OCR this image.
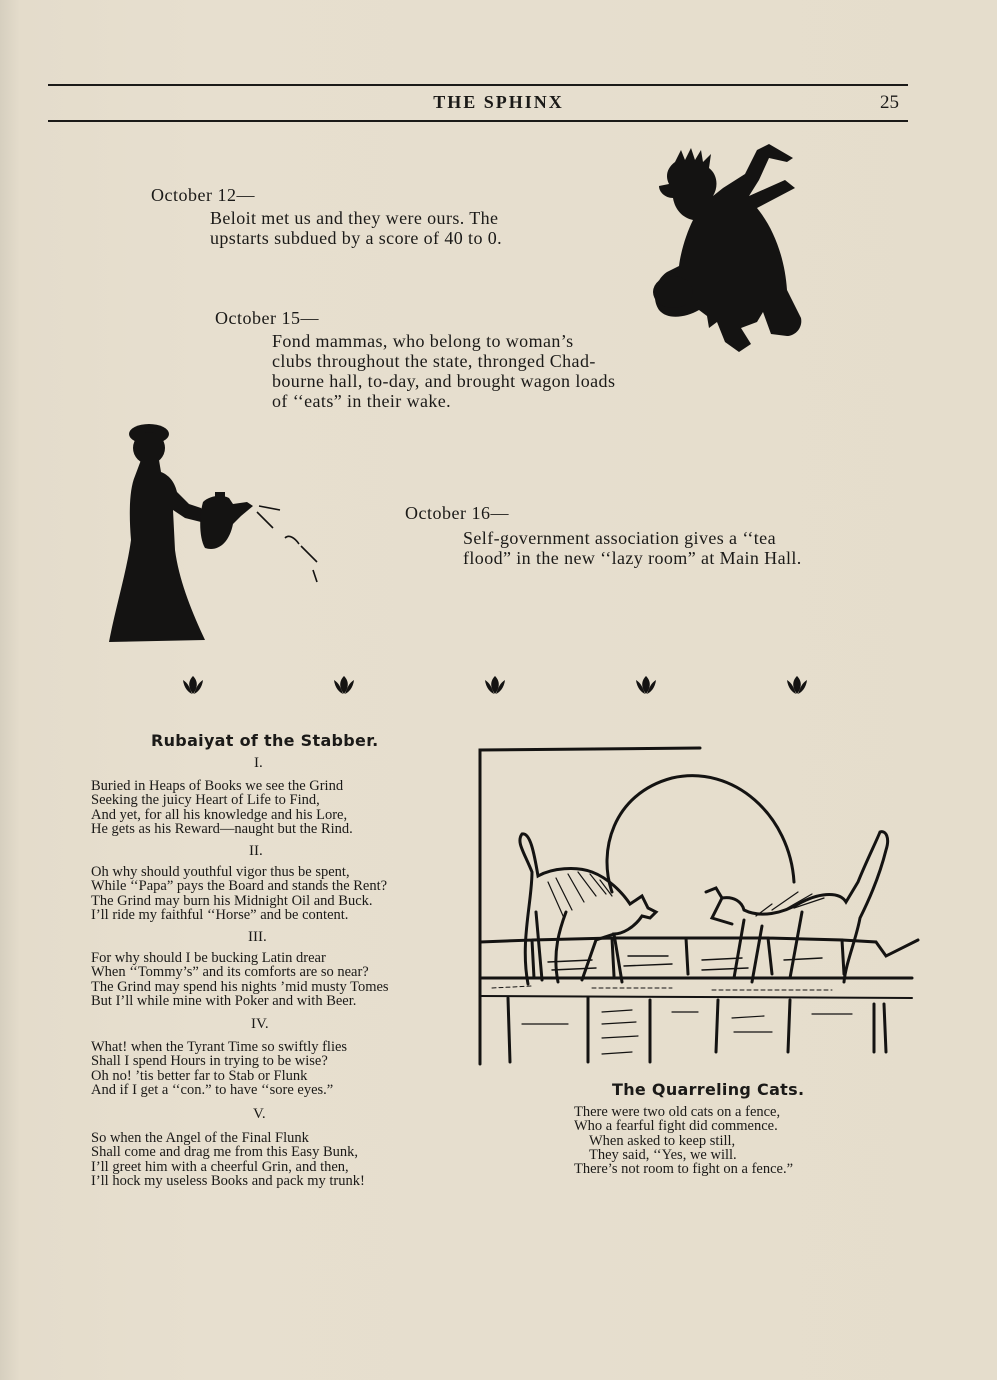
THE SPHINX	25
October 12—
Beloit met us and they were ours. The
upstarts subdued by a score of 40 to 0.
October 15—
Fond mammas, who belong to woman’s
clubs throughout the state, thronged Chad-
bourne hall, to-day, and brought wagon loads
of ‘‘eats” in their wake.
October 16—
Self-government association gives a ‘‘tea
flood” in the new ‘‘lazy room” at Main Hall.
Rubaiyat of the Stabber.
I.
Buried in Heaps of Books we see the Grind
Seeking the juicy Heart of Life to Find,
And yet, for all his knowledge and his Lore,
He gets as his Reward—naught but the Rind.
II.
Oh why should youthful vigor thus be spent,
While ‘‘Papa” pays the Board and stands the Rent?
The Grind may burn his Midnight Oil and Buck.
I’ll ride my faithful ‘‘Horse” and be content.
III.
For why should I be bucking Latin drear
When ‘‘Tommy’s” and its comforts are so near?
The Grind may spend his nights ’mid musty Tomes
But I’ll while mine with Poker and with Beer.
IV.
What! when the Tyrant Time so swiftly flies
Shall I spend Hours in trying to be wise?
Oh no! ’tis better far to Stab or Flunk
And if I get a ‘‘con.” to have ‘‘sore eyes.”
V.
So when the Angel of the Final Flunk
Shall come and drag me from this Easy Bunk,
I’ll greet him with a cheerful Grin, and then,
I’ll hock my useless Books and pack my trunk!
The Quarreling Cats.
There were two old cats on a fence,
Who a fearful fight did commence.
When asked to keep still,
They said, ‘‘Yes, we will.
There’s not room to fight on a fence.”
